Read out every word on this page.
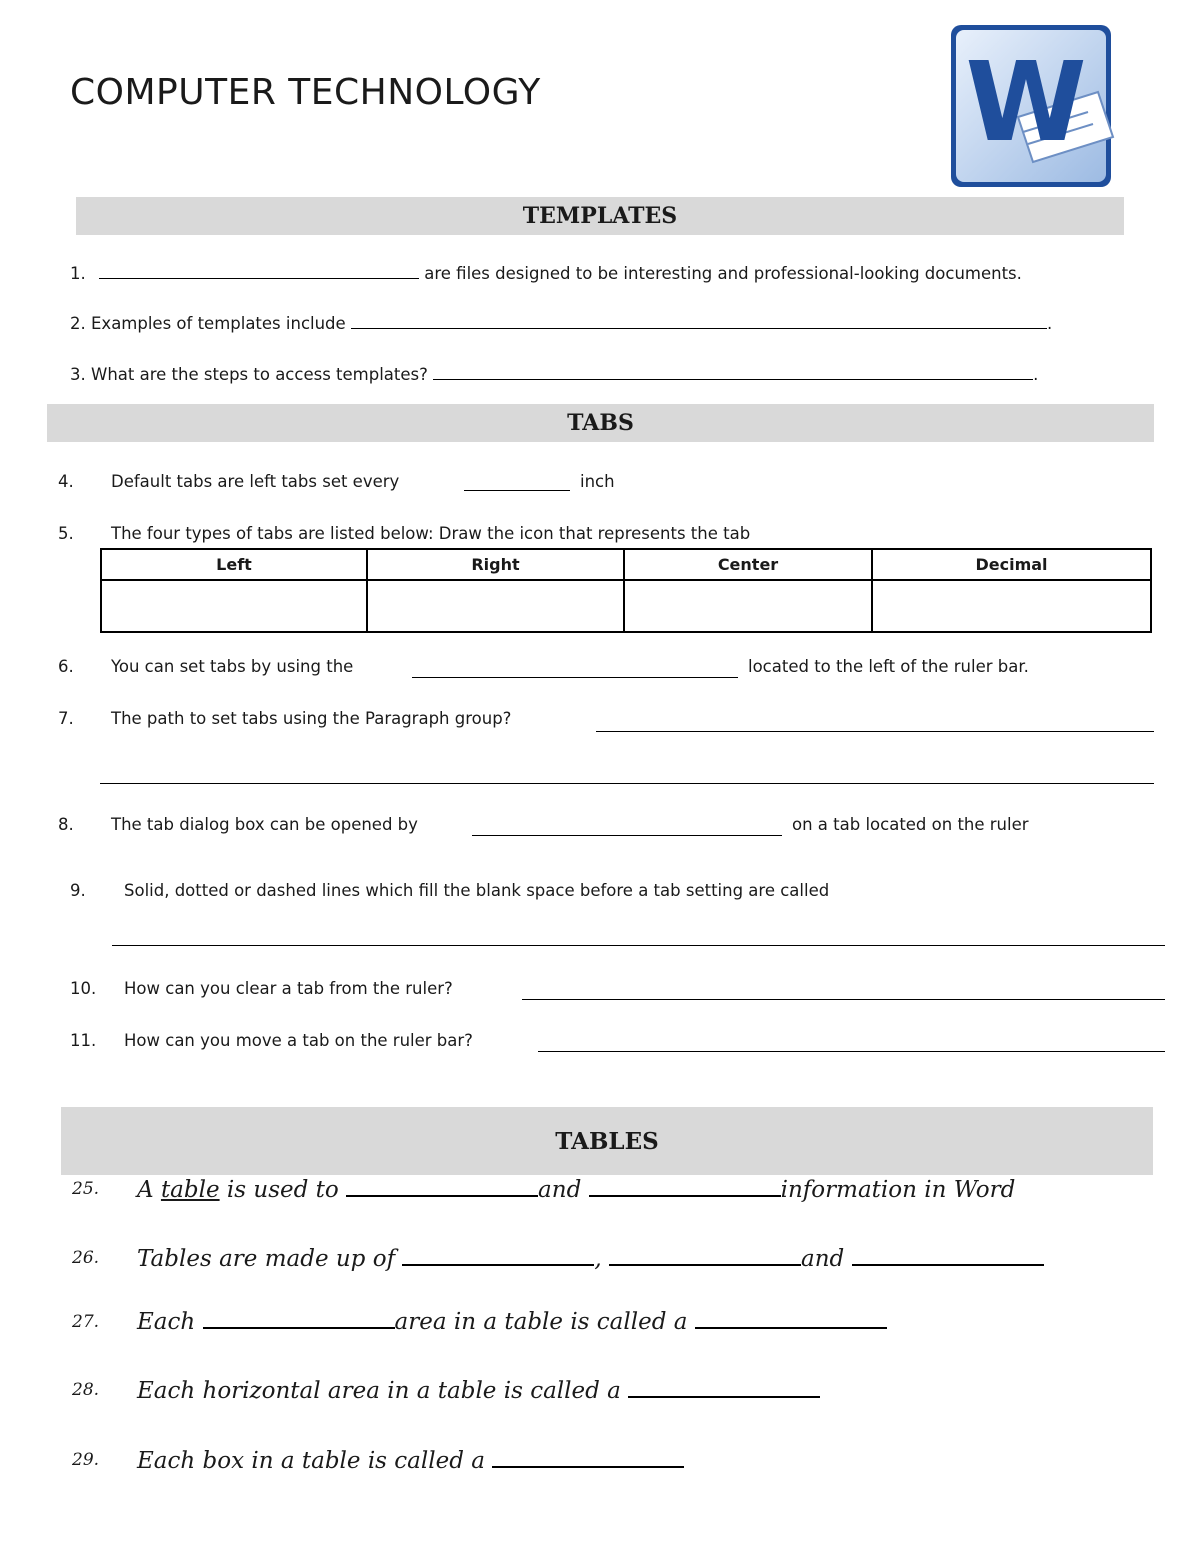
COMPUTER TECHNOLOGY	W
TEMPLATES
1.	are files designed to be interesting and professional-looking documents.
2. Examples of templates include	.
3. What are the steps to access templates?	.
TABS
4. Default tabs are left tabs set every	inch
5. The four types of tabs are listed below: Draw the icon that represents the tab
Left	Right	Center	Decimal

6. You can set tabs by using the	located to the left of the ruler bar.
7. The path to set tabs using the Paragraph group?
8. The tab dialog box can be opened by	on a tab located on the ruler
9. Solid, dotted or dashed lines which fill the blank space before a tab setting are called
10. How can you clear a tab from the ruler?
11. How can you move a tab on the ruler bar?
TABLES
25. A table is used to	and	information in Word
26. Tables are made up of	,	and
27. Each	area in a table is called a
28. Each horizontal area in a table is called a
29. Each box in a table is called a
